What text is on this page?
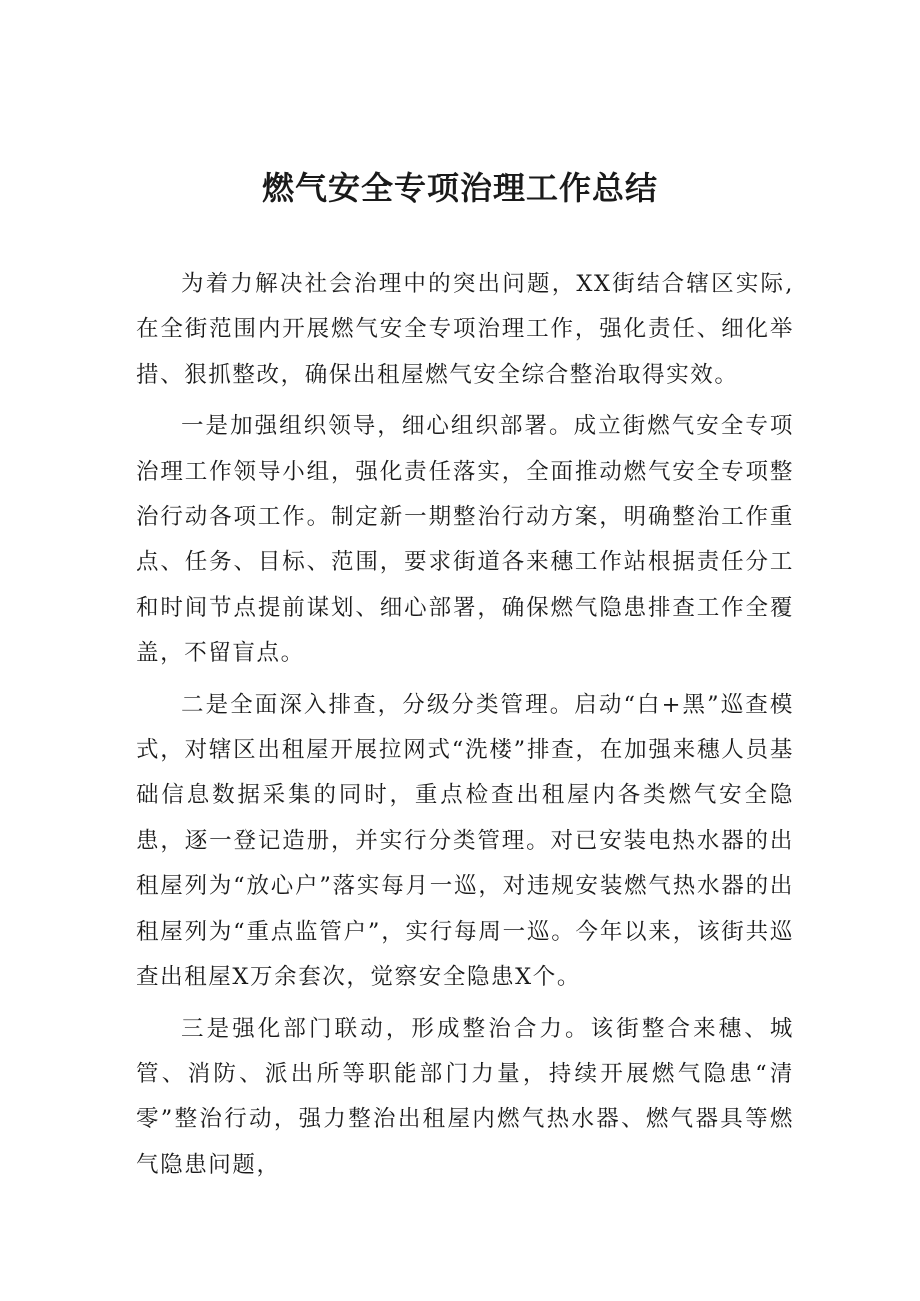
燃气安全专项治理工作总结

为着力解决社会治理中的突出问题，XX街结合辖区实际,在全街范围内开展燃气安全专项治理工作，强化责任、细化举措、狠抓整改，确保出租屋燃气安全综合整治取得实效。

一是加强组织领导，细心组织部署。成立街燃气安全专项治理工作领导小组，强化责任落实，全面推动燃气安全专项整治行动各项工作。制定新一期整治行动方案，明确整治工作重点、任务、目标、范围，要求街道各来穗工作站根据责任分工和时间节点提前谋划、细心部署，确保燃气隐患排查工作全覆盖，不留盲点。

二是全面深入排查，分级分类管理。启动“白+黑”巡查模式，对辖区出租屋开展拉网式“洗楼”排查，在加强来穗人员基础信息数据采集的同时，重点检查出租屋内各类燃气安全隐患，逐一登记造册，并实行分类管理。对已安装电热水器的出租屋列为“放心户”落实每月一巡，对违规安装燃气热水器的出租屋列为“重点监管户”，实行每周一巡。今年以来，该街共巡查出租屋X万余套次，觉察安全隐患X个。

三是强化部门联动，形成整治合力。该街整合来穗、城管、消防、派出所等职能部门力量，持续开展燃气隐患“清零”整治行动，强力整治出租屋内燃气热水器、燃气器具等燃气隐患问题，
